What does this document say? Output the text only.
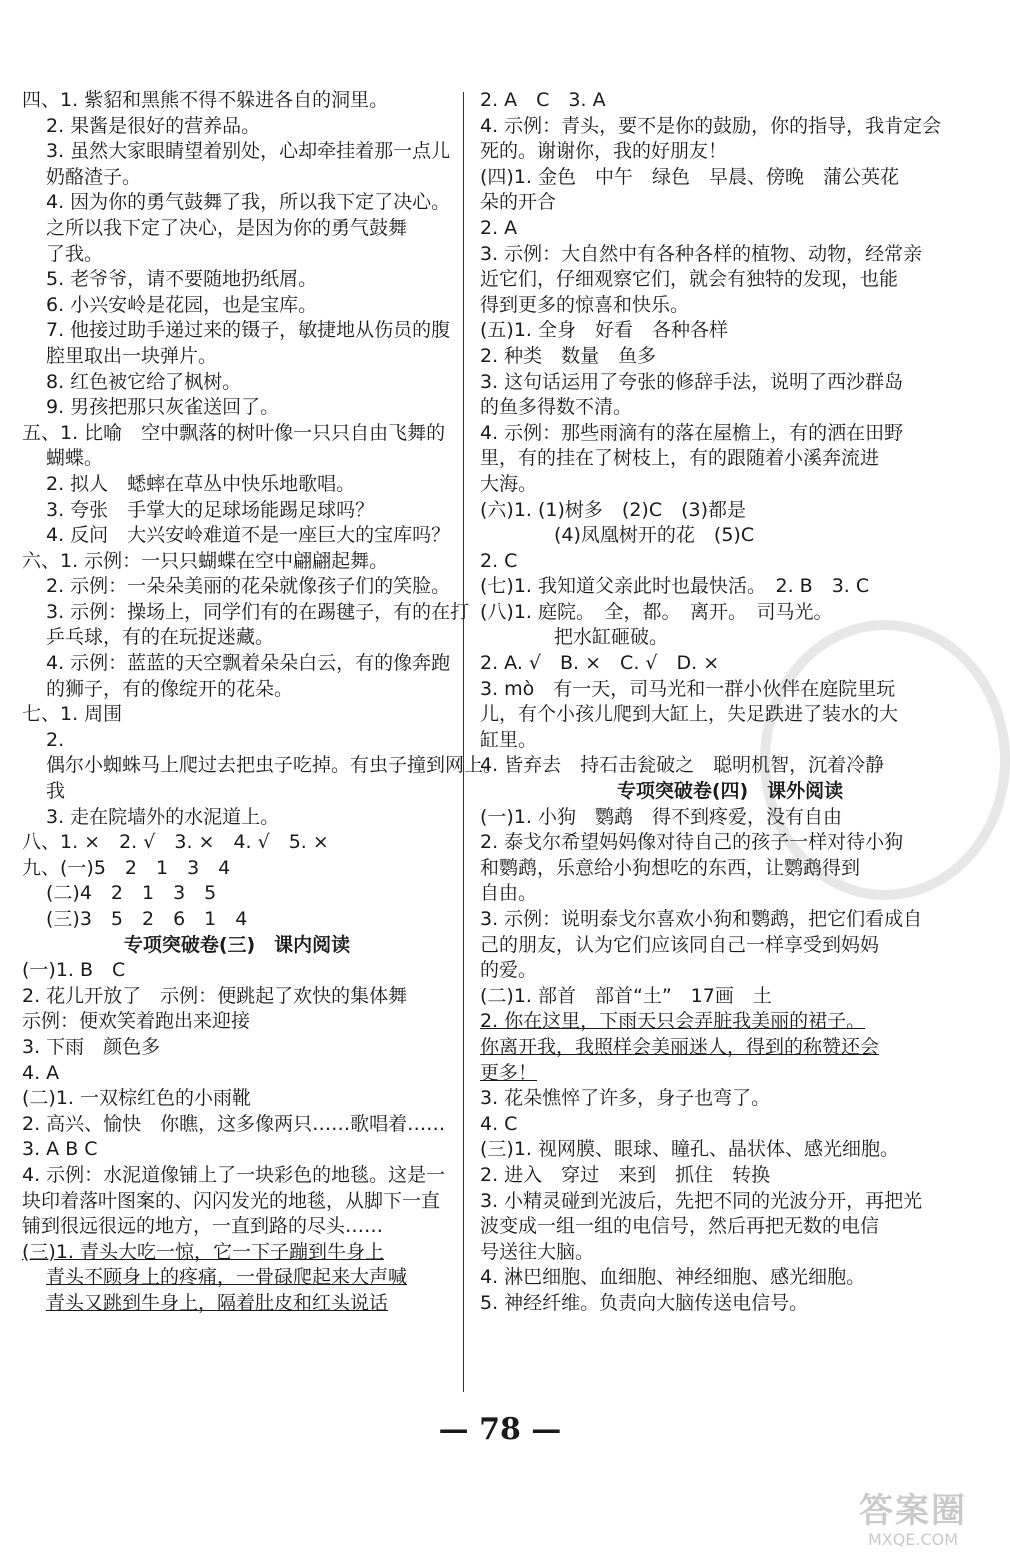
四、1. 紫貂和黑熊不得不躲进各自的洞里。
2. 果酱是很好的营养品。
3. 虽然大家眼睛望着别处，心却牵挂着那一点儿
奶酪渣子。
4. 因为你的勇气鼓舞了我，所以我下定了决心。
之所以我下定了决心，是因为你的勇气鼓舞
了我。
5. 老爷爷，请不要随地扔纸屑。
6. 小兴安岭是花园，也是宝库。
7. 他接过助手递过来的镊子，敏捷地从伤员的腹
腔里取出一块弹片。
8. 红色被它给了枫树。
9. 男孩把那只灰雀送回了。
五、1. 比喻　空中飘落的树叶像一只只自由飞舞的
蝴蝶。
2. 拟人　蟋蟀在草丛中快乐地歌唱。
3. 夸张　手掌大的足球场能踢足球吗？
4. 反问　大兴安岭难道不是一座巨大的宝库吗？
六、1. 示例：一只只蝴蝶在空中翩翩起舞。
2. 示例：一朵朵美丽的花朵就像孩子们的笑脸。
3. 示例：操场上，同学们有的在踢毽子，有的在打
乒乓球，有的在玩捉迷藏。
4. 示例：蓝蓝的天空飘着朵朵白云，有的像奔跑
的狮子，有的像绽开的花朵。
七、1. 周围
2.
偶尔小蜘蛛马上爬过去把虫子吃掉。有虫子撞到网上。
我
3. 走在院墙外的水泥道上。
八、1. ×　2. √　3. ×　4. √　5. ×
九、(一)5　2　1　3　4
(二)4　2　1　3　5
(三)3　5　2　6　1　4
专项突破卷(三)　课内阅读
(一)1. B　C
2. 花儿开放了　示例：便跳起了欢快的集体舞
示例：便欢笑着跑出来迎接
3. 下雨　颜色多
4. A
(二)1. 一双棕红色的小雨靴
2. 高兴、愉快　你瞧，这多像两只……歌唱着……
3. A B C
4. 示例：水泥道像铺上了一块彩色的地毯。这是一
块印着落叶图案的、闪闪发光的地毯，从脚下一直
铺到很远很远的地方，一直到路的尽头……
(三)1. 青头大吃一惊，它一下子蹦到牛身上
青头不顾身上的疼痛，一骨碌爬起来大声喊
青头又跳到牛身上，隔着肚皮和红头说话
2. A　C　3. A
4. 示例：青头，要不是你的鼓励，你的指导，我肯定会
死的。谢谢你，我的好朋友！
(四)1. 金色　中午　绿色　早晨、傍晚　蒲公英花
朵的开合
2. A
3. 示例：大自然中有各种各样的植物、动物，经常亲
近它们，仔细观察它们，就会有独特的发现，也能
得到更多的惊喜和快乐。
(五)1. 全身　好看　各种各样
2. 种类　数量　鱼多
3. 这句话运用了夸张的修辞手法，说明了西沙群岛
的鱼多得数不清。
4. 示例：那些雨滴有的落在屋檐上，有的洒在田野
里，有的挂在了树枝上，有的跟随着小溪奔流进
大海。
(六)1. (1)树多　(2)C　(3)都是
(4)凤凰树开的花　(5)C
2. C
(七)1. 我知道父亲此时也最快活。　2. B　3. C
(八)1. 庭院。　全，都。　离开。　司马光。
把水缸砸破。
2. A. √　B. ×　C. √　D. ×
3. mò　有一天，司马光和一群小伙伴在庭院里玩
儿，有个小孩儿爬到大缸上，失足跌进了装水的大
缸里。
4. 皆弃去　持石击瓮破之　聪明机智，沉着冷静
专项突破卷(四)　课外阅读
(一)1. 小狗　鹦鹉　得不到疼爱，没有自由
2. 泰戈尔希望妈妈像对待自己的孩子一样对待小狗
和鹦鹉，乐意给小狗想吃的东西，让鹦鹉得到
自由。
3. 示例：说明泰戈尔喜欢小狗和鹦鹉，把它们看成自
己的朋友，认为它们应该同自己一样享受到妈妈
的爱。
(二)1. 部首　部首“土”　17画　土
2. 你在这里，下雨天只会弄脏我美丽的裙子。
你离开我，我照样会美丽迷人，得到的称赞还会
更多！
3. 花朵憔悴了许多，身子也弯了。
4. C
(三)1. 视网膜、眼球、瞳孔、晶状体、感光细胞。
2. 进入　穿过　来到　抓住　转换
3. 小精灵碰到光波后，先把不同的光波分开，再把光
波变成一组一组的电信号，然后再把无数的电信
号送往大脑。
4. 淋巴细胞、血细胞、神经细胞、感光细胞。
5. 神经纤维。负责向大脑传送电信号。
— 78 —
答案圈
MXQE.COM
